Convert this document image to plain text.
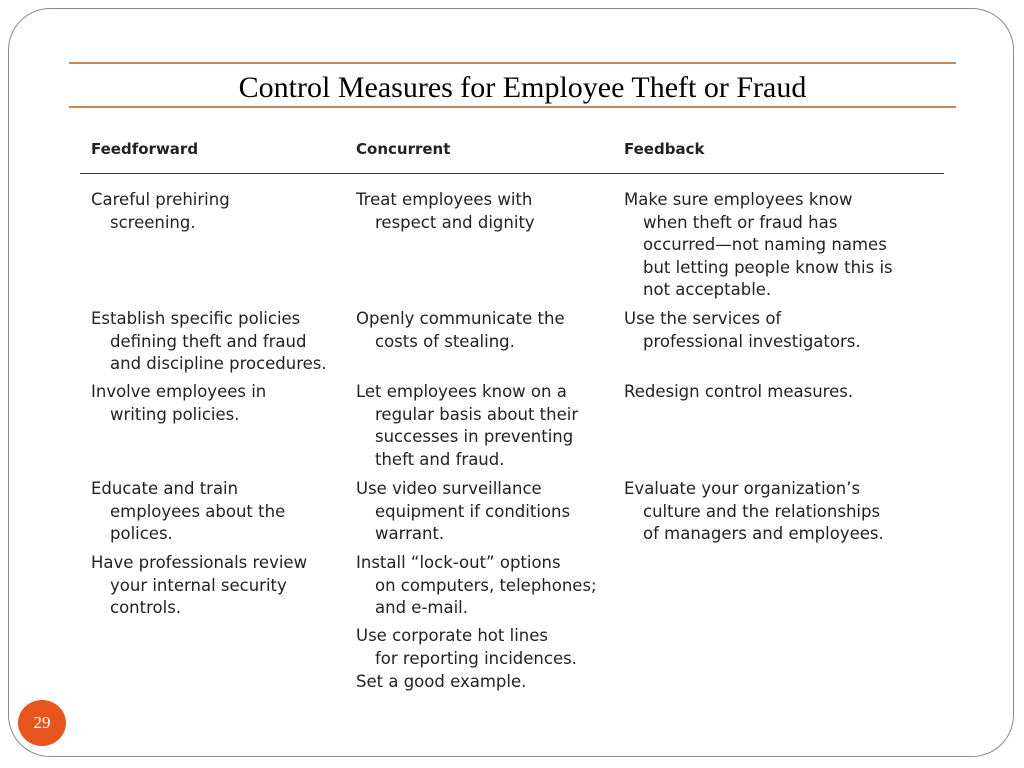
Control Measures for Employee Theft or Fraud
Feedforward	Concurrent	Feedback
Careful prehiring
screening.
Establish specific policies
defining theft and fraud
and discipline procedures.
Involve employees in
writing policies.
Educate and train
employees about the
polices.
Have professionals review
your internal security
controls.
Treat employees with
respect and dignity
Openly communicate the
costs of stealing.
Let employees know on a
regular basis about their
successes in preventing
theft and fraud.
Use video surveillance
equipment if conditions
warrant.
Install “lock-out” options
on computers, telephones;
and e-mail.
Use corporate hot lines
for reporting incidences.
Set a good example.
Make sure employees know
when theft or fraud has
occurred—not naming names
but letting people know this is
not acceptable.
Use the services of
professional investigators.
Redesign control measures.
Evaluate your organization’s
culture and the relationships
of managers and employees.
29
